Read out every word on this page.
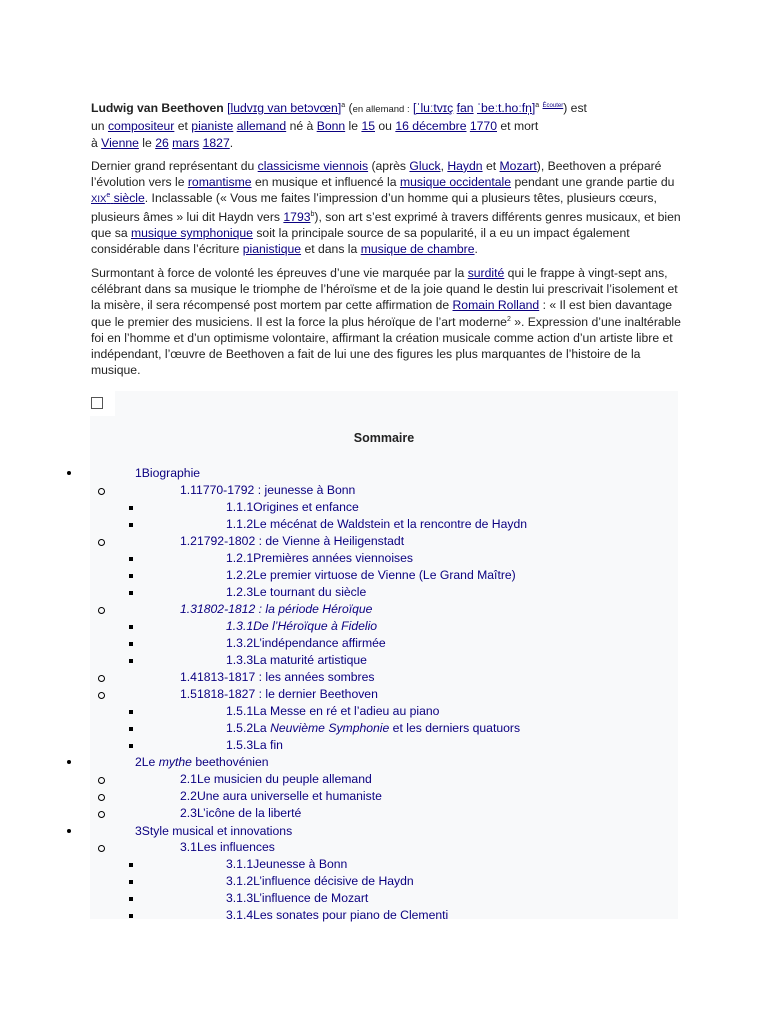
Ludwig van Beethoven [ludvɪɡ van betɔvœn]$^a$ (en allemand : [ˈluːtvɪç fan ˈbeːt.hoːfn̩]$^a$ $^{Écouter}$) est
un compositeur et pianiste allemand né à Bonn le 15 ou 16 décembre 1770 et mort
à Vienne le 26 mars 1827.

Dernier grand représentant du classicisme viennois (après Gluck, Haydn et Mozart), Beethoven a préparé l’évolution vers le romantisme en musique et influencé la musique occidentale pendant une grande partie du XIXe siècle. Inclassable (« Vous me faites l’impression d’un homme qui a plusieurs têtes, plusieurs cœurs, plusieurs âmes » lui dit Haydn vers 1793$^b$), son art s’est exprimé à travers différents genres musicaux, et bien que sa musique symphonique soit la principale source de sa popularité, il a eu un impact également considérable dans l’écriture pianistique et dans la musique de chambre.

Surmontant à force de volonté les épreuves d’une vie marquée par la surdité qui le frappe à vingt-sept ans, célébrant dans sa musique le triomphe de l’héroïsme et de la joie quand le destin lui prescrivait l’isolement et la misère, il sera récompensé post mortem par cette affirmation de Romain Rolland : « Il est bien davantage que le premier des musiciens. Il est la force la plus héroïque de l’art moderne$^2$ ». Expression d’une inaltérable foi en l’homme et d’un optimisme volontaire, affirmant la création musicale comme action d’un artiste libre et indépendant, l’œuvre de Beethoven a fait de lui une des figures les plus marquantes de l’histoire de la musique.

Sommaire
1Biographie
1.11770-1792 : jeunesse à Bonn
1.1.1Origines et enfance
1.1.2Le mécénat de Waldstein et la rencontre de Haydn
1.21792-1802 : de Vienne à Heiligenstadt
1.2.1Premières années viennoises
1.2.2Le premier virtuose de Vienne (Le Grand Maître)
1.2.3Le tournant du siècle
1.31802-1812 : la période Héroïque
1.3.1De l’Héroïque à Fidelio
1.3.2L’indépendance affirmée
1.3.3La maturité artistique
1.41813-1817 : les années sombres
1.51818-1827 : le dernier Beethoven
1.5.1La Messe en ré et l’adieu au piano
1.5.2La Neuvième Symphonie et les derniers quatuors
1.5.3La fin
2Le mythe beethovénien
2.1Le musicien du peuple allemand
2.2Une aura universelle et humaniste
2.3L’icône de la liberté
3Style musical et innovations
3.1Les influences
3.1.1Jeunesse à Bonn
3.1.2L’influence décisive de Haydn
3.1.3L’influence de Mozart
3.1.4Les sonates pour piano de Clementi
